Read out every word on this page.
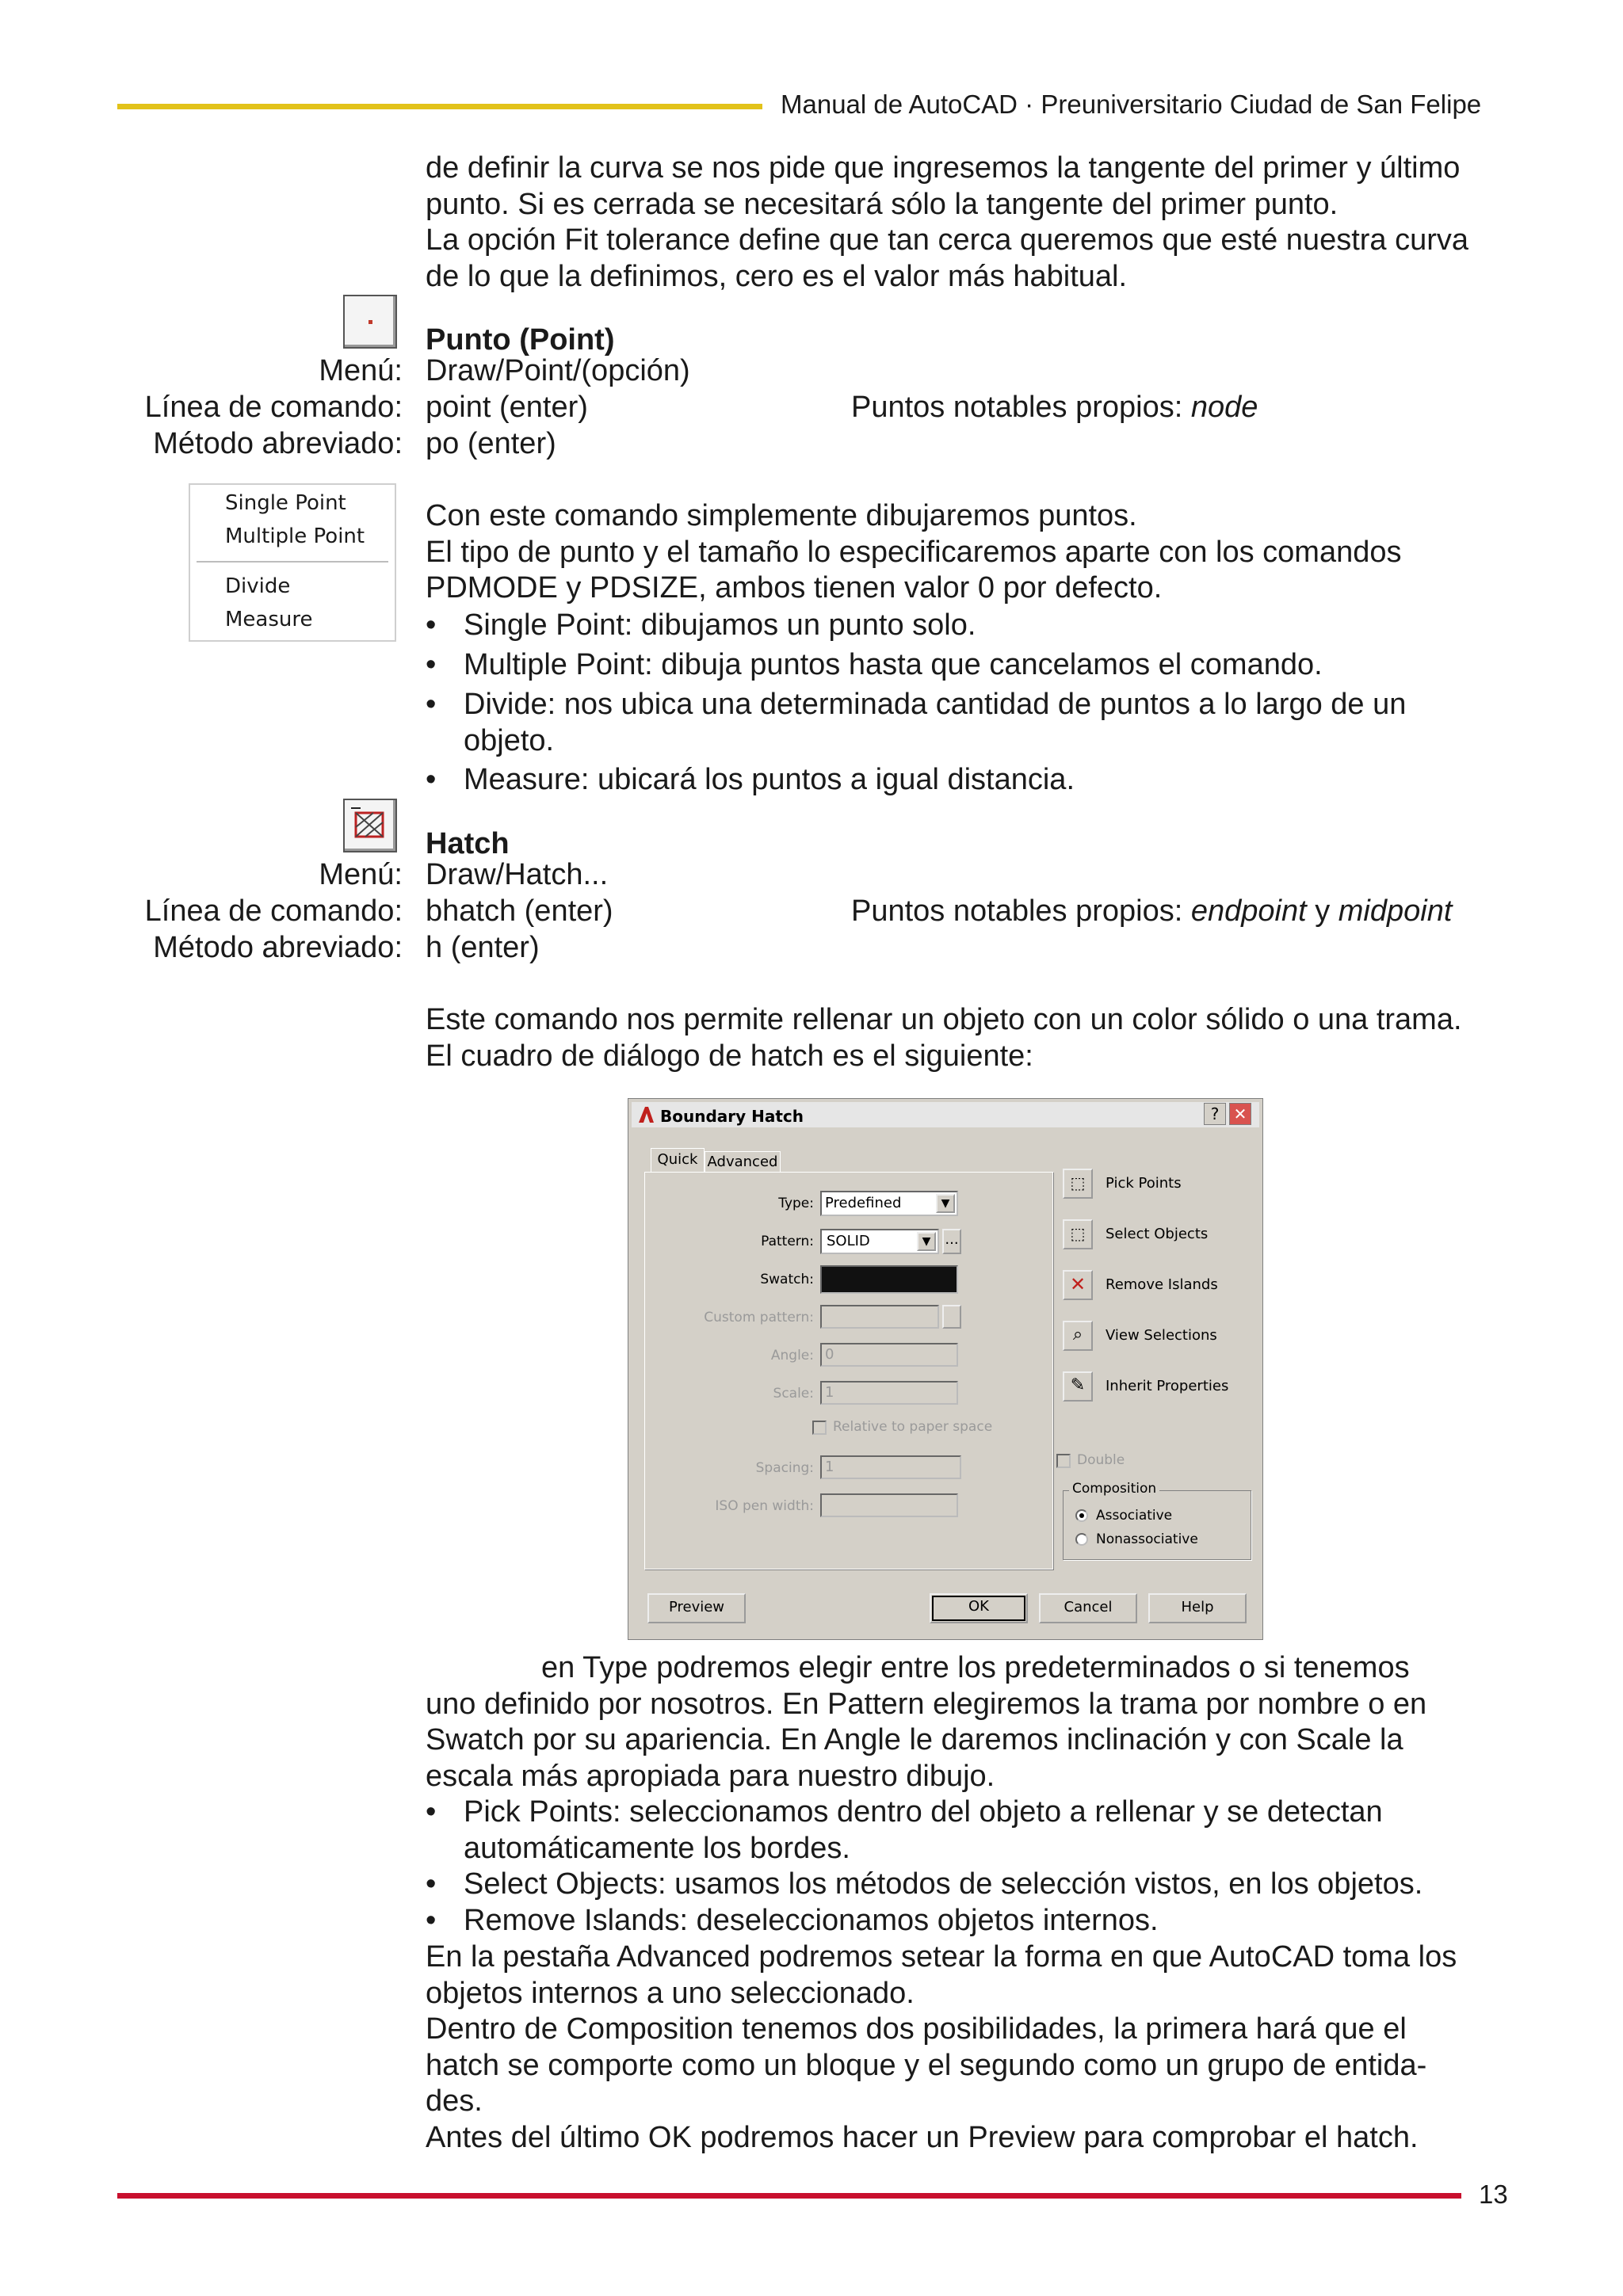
Manual de AutoCAD · Preuniversitario Ciudad de San Felipe
de definir la curva se nos pide que ingresemos la tangente del primer y último
punto. Si es cerrada se necesitará sólo la tangente del primer punto.
La opción Fit tolerance define que tan cerca queremos que esté nuestra curva
de lo que la definimos, cero es el valor más habitual.
Punto (Point)
Menú: Draw/Point/(opción)
Línea de comando: point (enter)	Puntos notables propios: node
Método abreviado: po (enter)
Single Point
Multiple Point
Divide
Measure
Con este comando simplemente dibujaremos puntos.
El tipo de punto y el tamaño lo especificaremos aparte con los comandos
PDMODE y PDSIZE, ambos tienen valor 0 por defecto.
• Single Point: dibujamos un punto solo.
• Multiple Point: dibuja puntos hasta que cancelamos el comando.
• Divide: nos ubica una determinada cantidad de puntos a lo largo de un
objeto.
• Measure: ubicará los puntos a igual distancia.
Hatch
Menú: Draw/Hatch...
Línea de comando: bhatch (enter)	Puntos notables propios: endpoint y midpoint
Método abreviado: h (enter)
Este comando nos permite rellenar un objeto con un color sólido o una trama.
El cuadro de diálogo de hatch es el siguiente:
Boundary Hatch	? ✕
Quick Advanced
Type: Predefined	▼
Pattern: SOLID	▼	...
Swatch:
Custom pattern:
Angle: 0
Scale: 1
Relative to paper space
Spacing: 1
ISO pen width:
⬚	Pick Points
⬚	Select Objects
✕	Remove Islands
⌕	View Selections
✎	Inherit Properties
Double
Composition
Associative
Nonassociative
Preview	OK	Cancel	Help
en Type podremos elegir entre los predeterminados o si tenemos
uno definido por nosotros. En Pattern elegiremos la trama por nombre o en
Swatch por su apariencia. En Angle le daremos inclinación y con Scale la
escala más apropiada para nuestro dibujo.
• Pick Points: seleccionamos dentro del objeto a rellenar y se detectan
automáticamente los bordes.
• Select Objects: usamos los métodos de selección vistos, en los objetos.
• Remove Islands: deseleccionamos objetos internos.
En la pestaña Advanced podremos setear la forma en que AutoCAD toma los
objetos internos a uno seleccionado.
Dentro de Composition tenemos dos posibilidades, la primera hará que el
hatch se comporte como un bloque y el segundo como un grupo de entida-
des.
Antes del último OK podremos hacer un Preview para comprobar el hatch.
13
